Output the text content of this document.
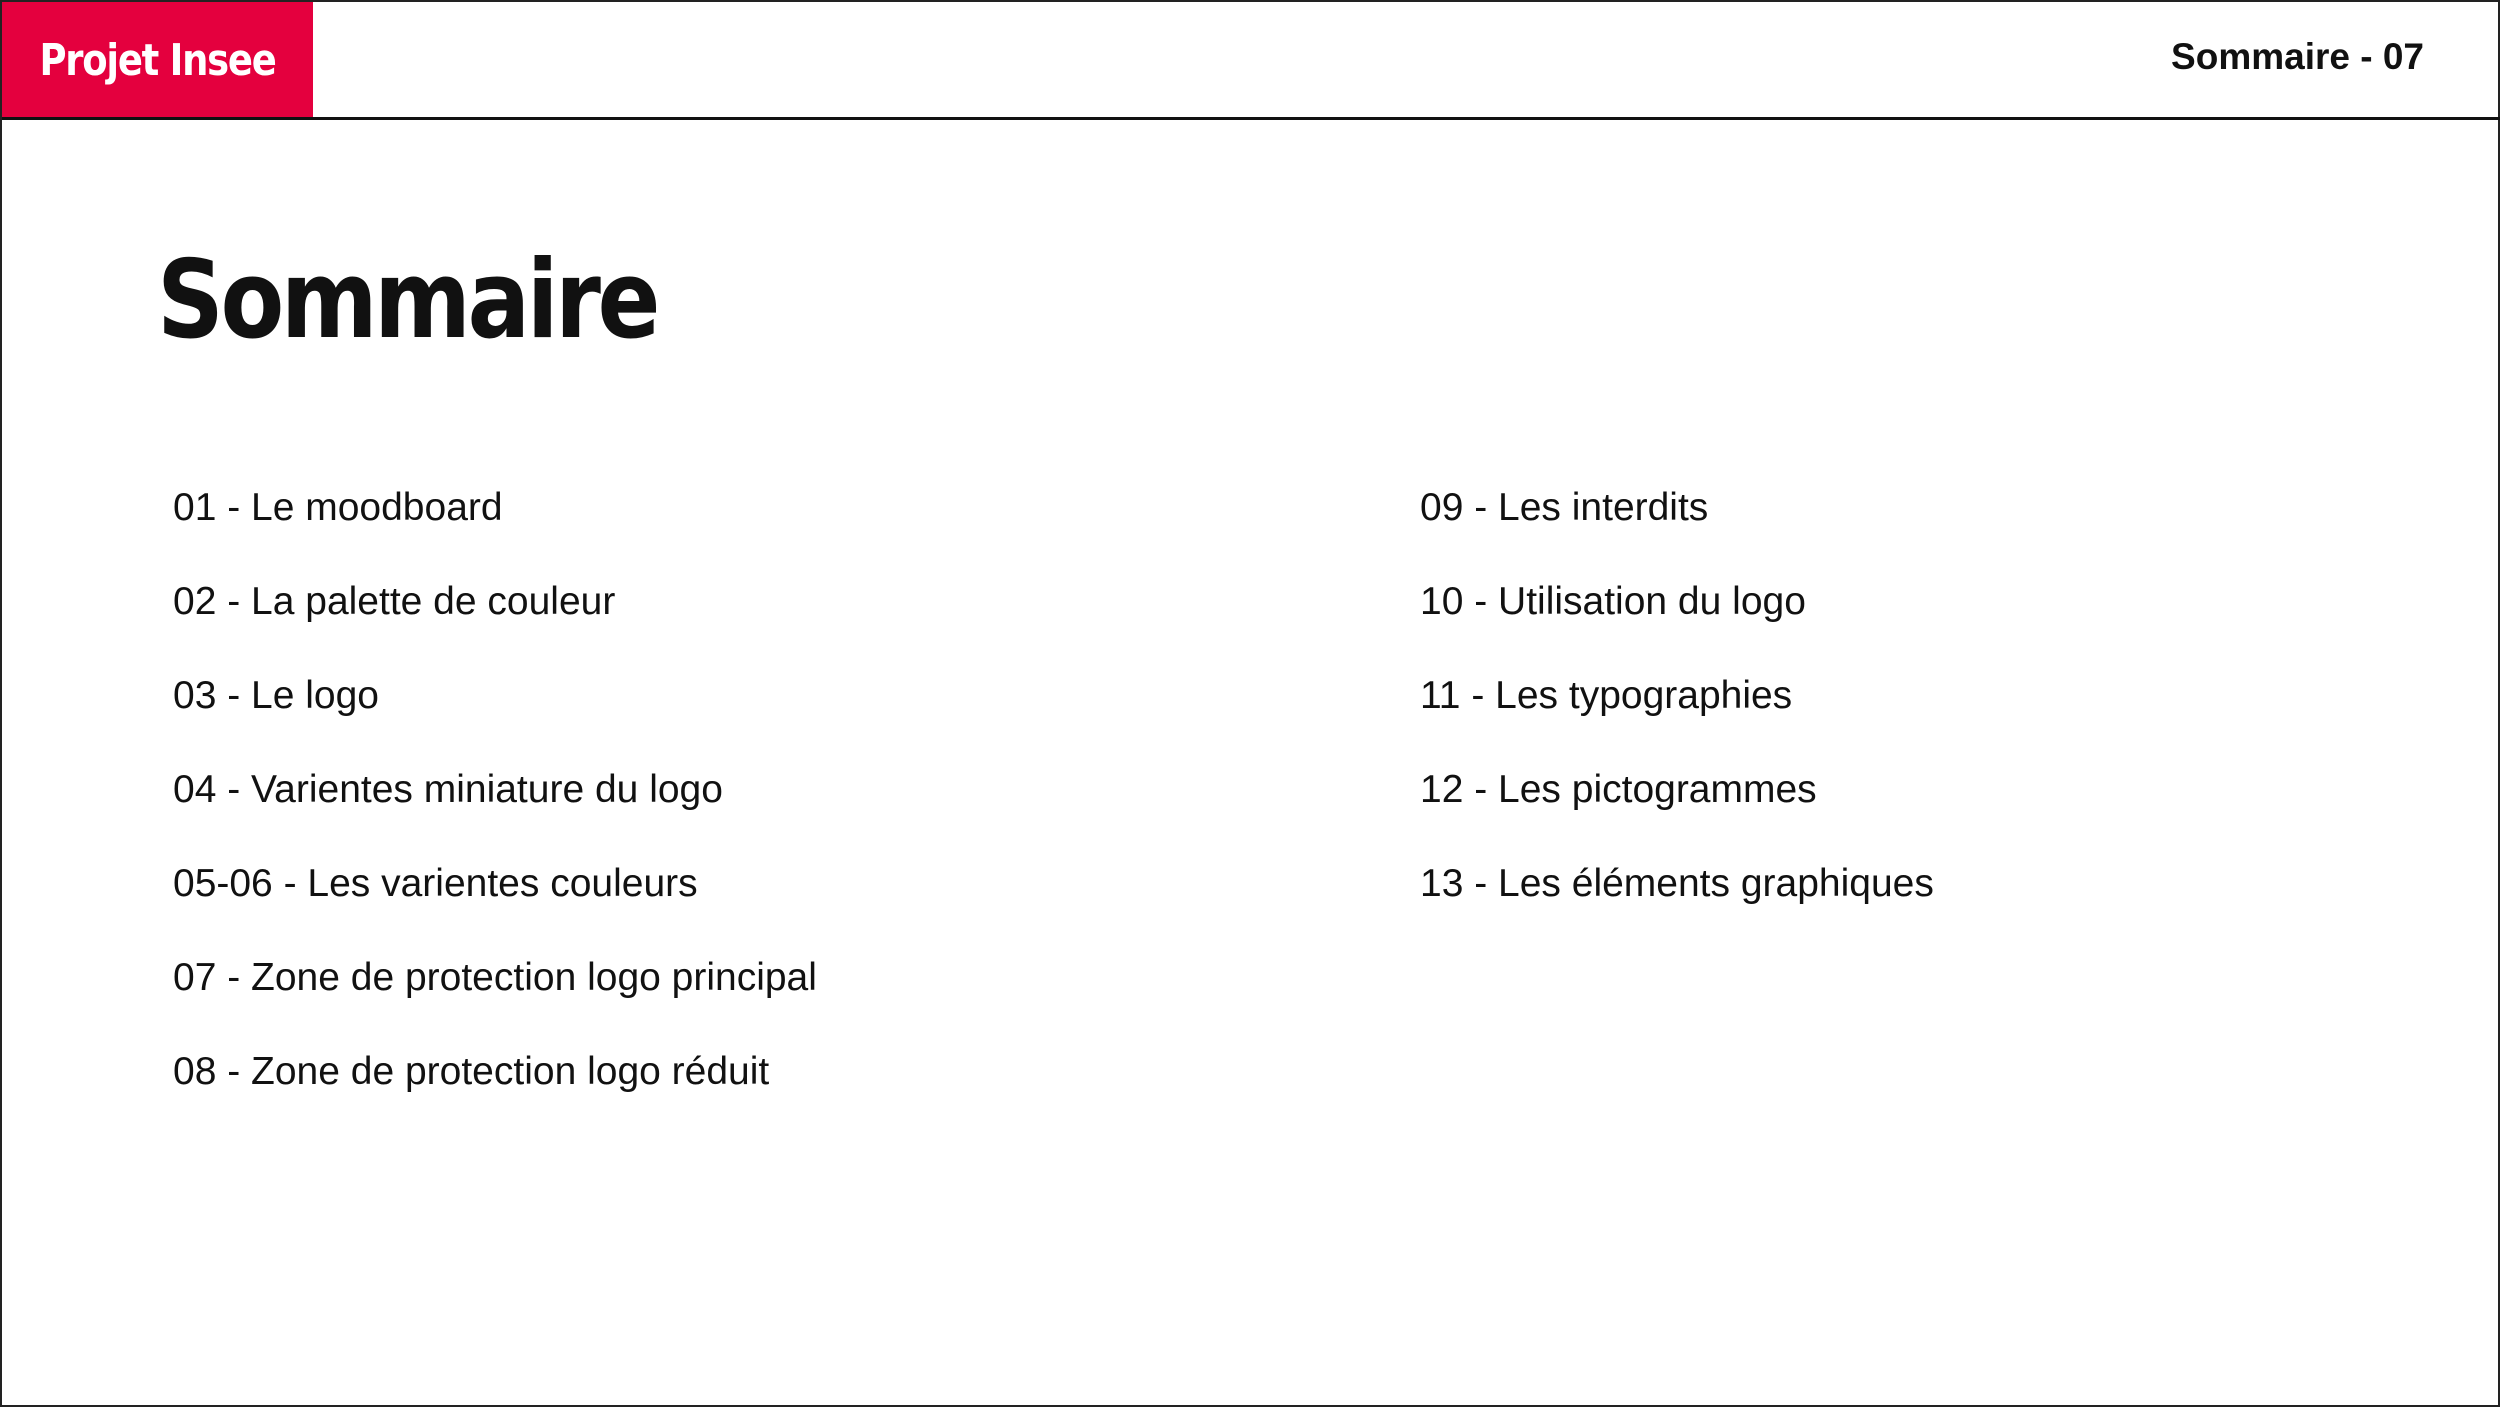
Projet Insee	Sommaire - 07
Sommaire
01 - Le moodboard
02 - La palette de couleur
03 - Le logo
04 - Varientes miniature du logo
05-06 - Les varientes couleurs
07 - Zone de protection logo principal
08 - Zone de protection logo réduit
09 - Les interdits
10 - Utilisation du logo
11 - Les typographies
12 - Les pictogrammes
13 - Les éléments graphiques
